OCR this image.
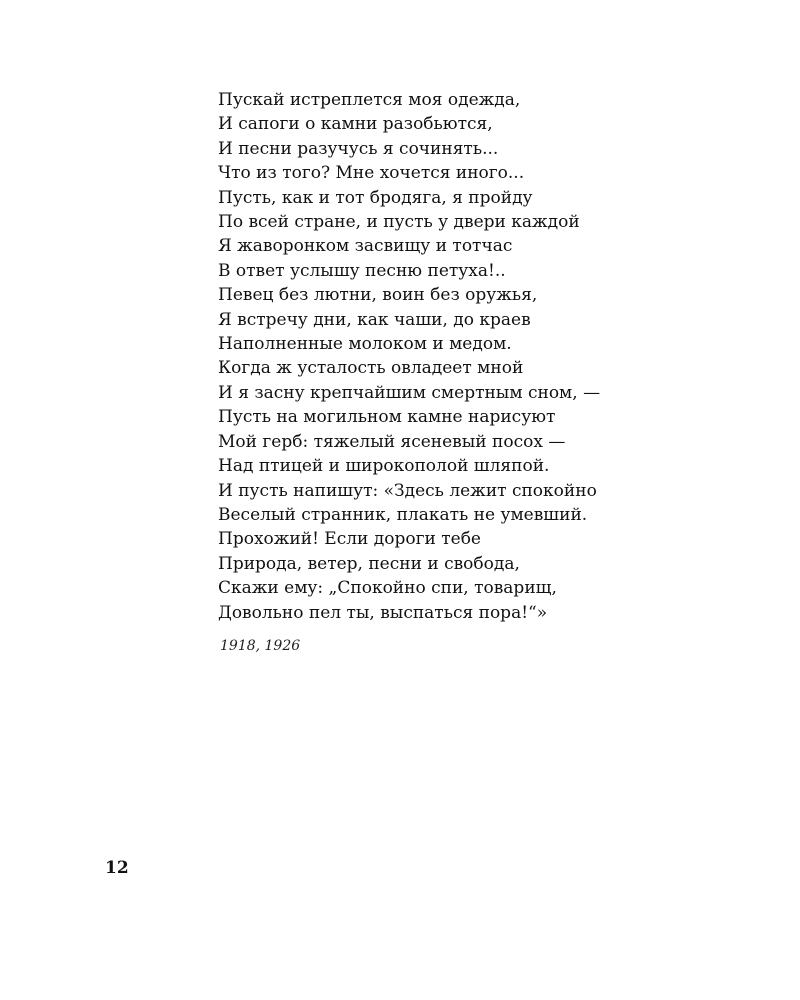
Пускай истреплется моя одежда,
И сапоги о камни разобьются,
И песни разучусь я сочинять...
Что из того? Мне хочется иного...
Пусть, как и тот бродяга, я пройду
По всей стране, и пусть у двери каждой
Я жаворонком засвищу и тотчас
В ответ услышу песню петуха!..
Певец без лютни, воин без оружья,
Я встречу дни, как чаши, до краев
Наполненные молоком и медом.
Когда ж усталость овладеет мной
И я засну крепчайшим смертным сном, —
Пусть на могильном камне нарисуют
Мой герб: тяжелый ясеневый посох —
Над птицей и широкополой шляпой.
И пусть напишут: «Здесь лежит спокойно
Веселый странник, плакать не умевший.
Прохожий! Если дороги тебе
Природа, ветер, песни и свобода,
Скажи ему: „Спокойно спи, товарищ,
Довольно пел ты, выспаться пора!“»
1918, 1926
12
